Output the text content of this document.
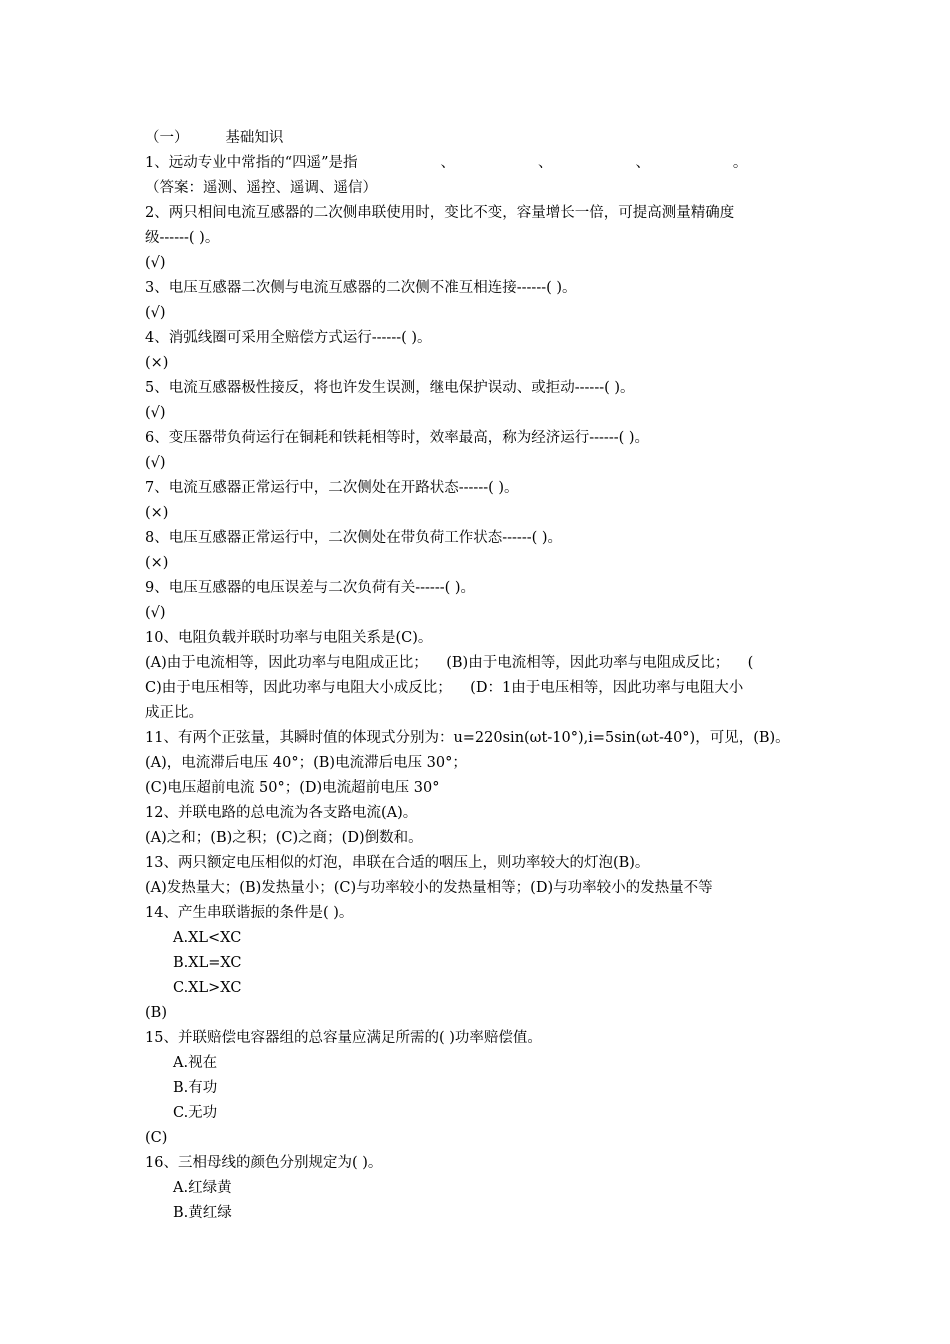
（一）        基础知识
1、远动专业中常指的“四遥”是指                  、                  、                  、                  。
（答案：遥测、遥控、遥调、遥信）
2、两只相间电流互感器的二次侧串联使用时，变比不变，容量增长一倍，可提高测量精确度
级------( )。
(√)
3、电压互感器二次侧与电流互感器的二次侧不准互相连接------( )。
(√)
4、消弧线圈可采用全赔偿方式运行------( )。
(×)
5、电流互感器极性接反，将也许发生误测，继电保护误动、或拒动------( )。
(√)
6、变压器带负荷运行在铜耗和铁耗相等时，效率最高，称为经济运行------( )。
(√)
7、电流互感器正常运行中，二次侧处在开路状态------( )。
(×)
8、电压互感器正常运行中，二次侧处在带负荷工作状态------( )。
(×)
9、电压互感器的电压误差与二次负荷有关------( )。
(√)
10、电阻负载并联时功率与电阻关系是(C)。
(A)由于电流相等，因此功率与电阻成正比；    (B)由于电流相等，因此功率与电阻成反比；    (
C)由于电压相等，因此功率与电阻大小成反比；    (D：1由于电压相等，因此功率与电阻大小
成正比。
11、有两个正弦量，其瞬时值的体现式分别为：u=220sin(ωt-10°),i=5sin(ωt-40°)，可见，(B)。
(A)，电流滞后电压 40°；(B)电流滞后电压 30°；
(C)电压超前电流 50°；(D)电流超前电压 30°
12、并联电路的总电流为各支路电流(A)。
(A)之和；(B)之积；(C)之商；(D)倒数和。
13、两只额定电压相似的灯泡，串联在合适的咽压上，则功率较大的灯泡(B)。
(A)发热量大；(B)发热量小；(C)与功率较小的发热量相等；(D)与功率较小的发热量不等
14、产生串联谐振的条件是( )。
A.XL<XC
B.XL=XC
C.XL>XC
(B)
15、并联赔偿电容器组的总容量应满足所需的( )功率赔偿值。
A.视在
B.有功
C.无功
(C)
16、三相母线的颜色分别规定为( )。
A.红绿黄
B.黄红绿
